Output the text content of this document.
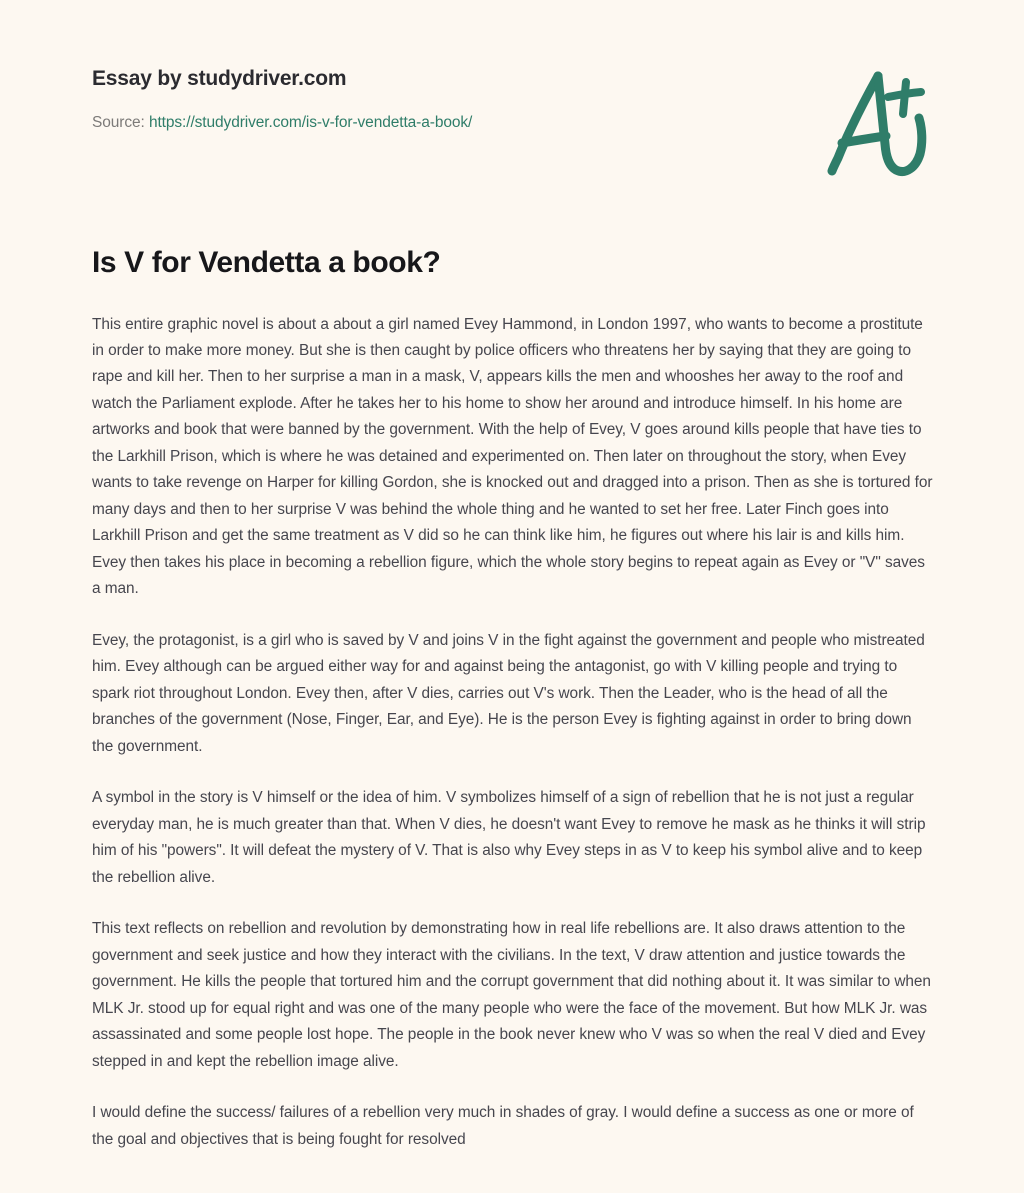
Essay by studydriver.com
Source: https://studydriver.com/is-v-for-vendetta-a-book/
Is V for Vendetta a book?

This entire graphic novel is about a about a girl named Evey Hammond, in London 1997, who wants to become a prostitute in order to make more money. But she is then caught by police officers who threatens her by saying that they are going to rape and kill her. Then to her surprise a man in a mask, V, appears kills the men and whooshes her away to the roof and watch the Parliament explode. After he takes her to his home to show her around and introduce himself. In his home are artworks and book that were banned by the government. With the help of Evey, V goes around kills people that have ties to the Larkhill Prison, which is where he was detained and experimented on. Then later on throughout the story, when Evey wants to take revenge on Harper for killing Gordon, she is knocked out and dragged into a prison. Then as she is tortured for many days and then to her surprise V was behind the whole thing and he wanted to set her free. Later Finch goes into Larkhill Prison and get the same treatment as V did so he can think like him, he figures out where his lair is and kills him. Evey then takes his place in becoming a rebellion figure, which the whole story begins to repeat again as Evey or "V" saves a man.

Evey, the protagonist, is a girl who is saved by V and joins V in the fight against the government and people who mistreated him. Evey although can be argued either way for and against being the antagonist, go with V killing people and trying to spark riot throughout London. Evey then, after V dies, carries out V's work. Then the Leader, who is the head of all the branches of the government (Nose, Finger, Ear, and Eye). He is the person Evey is fighting against in order to bring down the government.

A symbol in the story is V himself or the idea of him. V symbolizes himself of a sign of rebellion that he is not just a regular everyday man, he is much greater than that. When V dies, he doesn't want Evey to remove he mask as he thinks it will strip him of his "powers". It will defeat the mystery of V. That is also why Evey steps in as V to keep his symbol alive and to keep the rebellion alive.

This text reflects on rebellion and revolution by demonstrating how in real life rebellions are. It also draws attention to the government and seek justice and how they interact with the civilians. In the text, V draw attention and justice towards the government. He kills the people that tortured him and the corrupt government that did nothing about it. It was similar to when MLK Jr. stood up for equal right and was one of the many people who were the face of the movement. But how MLK Jr. was assassinated and some people lost hope. The people in the book never knew who V was so when the real V died and Evey stepped in and kept the rebellion image alive.

I would define the success/ failures of a rebellion very much in shades of gray. I would define a success as one or more of the goal and objectives that is being fought for resolved
